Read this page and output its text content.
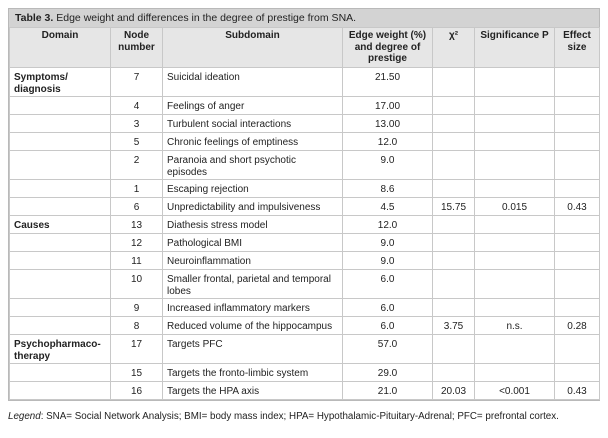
Table 3. Edge weight and differences in the degree of prestige from SNA.
Domain	Node number	Subdomain	Edge weight (%) and degree of prestige	χ²	Significance P	Effect size
Symptoms/ diagnosis	7	Suicidal ideation	21.50			
	4	Feelings of anger	17.00			
	3	Turbulent social interactions	13.00			
	5	Chronic feelings of emptiness	12.0			
	2	Paranoia and short psychotic episodes	9.0			
	1	Escaping rejection	8.6			
	6	Unpredictability and impulsiveness	4.5	15.75	0.015	0.43
Causes	13	Diathesis stress model	12.0			
	12	Pathological BMI	9.0			
	11	Neuroinflammation	9.0			
	10	Smaller frontal, parietal and temporal lobes	6.0			
	9	Increased inflammatory markers	6.0			
	8	Reduced volume of the hippocampus	6.0	3.75	n.s.	0.28
Psychopharmaco-therapy	17	Targets PFC	57.0			
	15	Targets the fronto-limbic system	29.0			
	16	Targets the HPA axis	21.0	20.03	<0.001	0.43
Legend: SNA= Social Network Analysis; BMI= body mass index; HPA= Hypothalamic-Pituitary-Adrenal; PFC= prefrontal cortex.
